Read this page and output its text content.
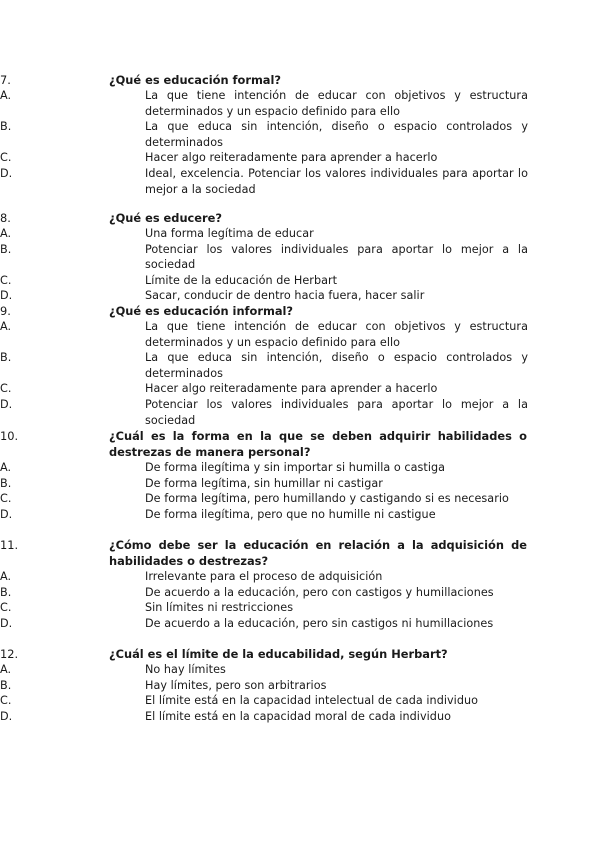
7.	¿Qué es educación formal?
A.	La que tiene intención de educar con objetivos y estructura determinados y un espacio definido para ello
B.	La que educa sin intención, diseño o espacio controlados y determinados
C.	Hacer algo reiteradamente para aprender a hacerlo
D.	Ideal, excelencia. Potenciar los valores individuales para aportar lo mejor a la sociedad
8.	¿Qué es educere?
A.	Una forma legítima de educar
B.	Potenciar los valores individuales para aportar lo mejor a la sociedad
C.	Límite de la educación de Herbart
D.	Sacar, conducir de dentro hacia fuera, hacer salir
9.	¿Qué es educación informal?
A.	La que tiene intención de educar con objetivos y estructura determinados y un espacio definido para ello
B.	La que educa sin intención, diseño o espacio controlados y determinados
C.	Hacer algo reiteradamente para aprender a hacerlo
D.	Potenciar los valores individuales para aportar lo mejor a la sociedad
10.	¿Cuál es la forma en la que se deben adquirir habilidades o destrezas de manera personal?
A.	De forma ilegítima y sin importar si humilla o castiga
B.	De forma legítima, sin humillar ni castigar
C.	De forma legítima, pero humillando y castigando si es necesario
D.	De forma ilegítima, pero que no humille ni castigue
11.	¿Cómo debe ser la educación en relación a la adquisición de habilidades o destrezas?
A.	Irrelevante para el proceso de adquisición
B.	De acuerdo a la educación, pero con castigos y humillaciones
C.	Sin límites ni restricciones
D.	De acuerdo a la educación, pero sin castigos ni humillaciones
12.	¿Cuál es el límite de la educabilidad, según Herbart?
A.	No hay límites
B.	Hay límites, pero son arbitrarios
C.	El límite está en la capacidad intelectual de cada individuo
D.	El límite está en la capacidad moral de cada individuo
